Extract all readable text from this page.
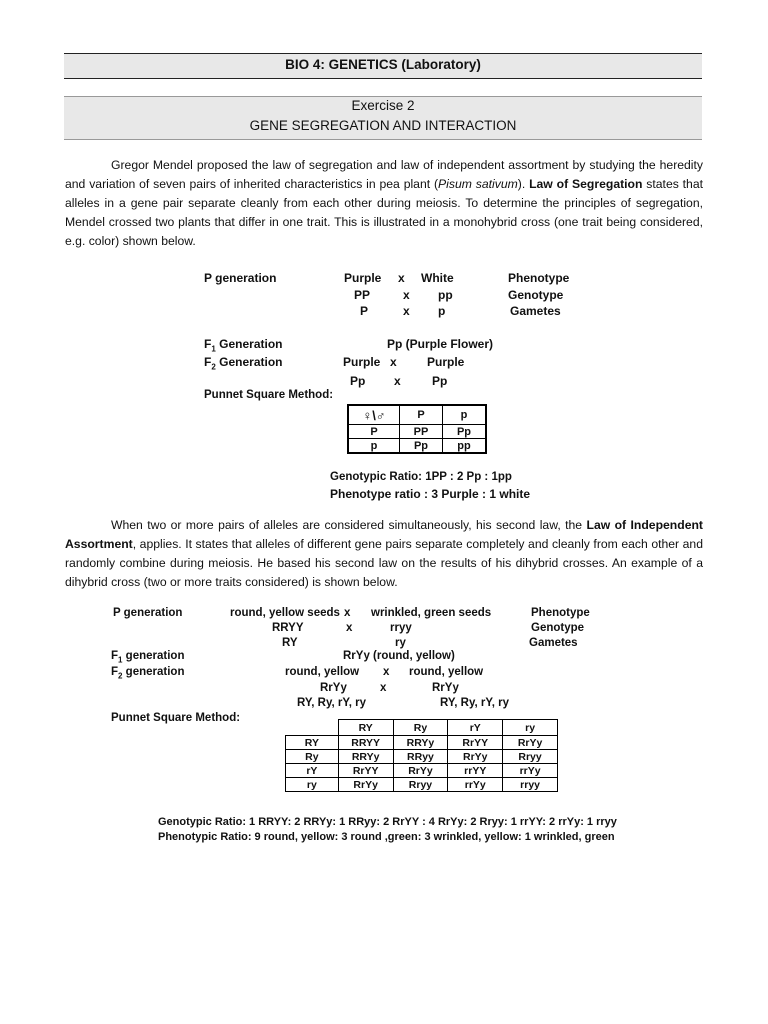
BIO 4: GENETICS (Laboratory)
Exercise 2
GENE SEGREGATION AND INTERACTION
Gregor Mendel proposed the law of segregation and law of independent assortment by studying the heredity and variation of seven pairs of inherited characteristics in pea plant (Pisum sativum). Law of Segregation states that alleles in a gene pair separate cleanly from each other during meiosis. To determine the principles of segregation, Mendel crossed two plants that differ in one trait. This is illustrated in a monohybrid cross (one trait being considered, e.g. color) shown below.
P generation	Purple x White	Phenotype
PP	x pp	Genotype
P	x p	Gametes
$F_1$ Generation	Pp (Purple Flower)
$F_2$ Generation	Purple x	Purple
Pp x	Pp
Punnet Square Method:
♀\♂	P	p
P	PP	Pp
p	Pp	pp
Genotypic Ratio: 1PP : 2 Pp : 1pp
Phenotype ratio : 3 Purple : 1 white
When two or more pairs of alleles are considered simultaneously, his second law, the Law of Independent Assortment, applies. It states that alleles of different gene pairs separate completely and cleanly from each other and randomly combine during meiosis. He based his second law on the results of his dihybrid crosses. An example of a dihybrid cross (two or more traits considered) is shown below.
P generation	round, yellow seeds x wrinkled, green seeds	Phenotype
RRYY	x	rryy	Genotype
RY	ry	Gametes
$F_1$ generation	RrYy (round, yellow)
$F_2$ generation	round, yellow x round, yellow
RrYy	x	RrYy
RY, Ry, rY, ry	RY, Ry, rY, ry
Punnet Square Method:
	RY	Ry	rY	ry
RY	RRYY	RRYy	RrYY	RrYy
Ry	RRYy	RRyy	RrYy	Rryy
rY	RrYY	RrYy	rrYY	rrYy
ry	RrYy	Rryy	rrYy	rryy
Genotypic Ratio: 1 RRYY: 2 RRYy: 1 RRyy: 2 RrYY : 4 RrYy: 2 Rryy: 1 rrYY: 2 rrYy: 1 rryy
Phenotypic Ratio: 9 round, yellow: 3 round ,green: 3 wrinkled, yellow: 1 wrinkled, green
